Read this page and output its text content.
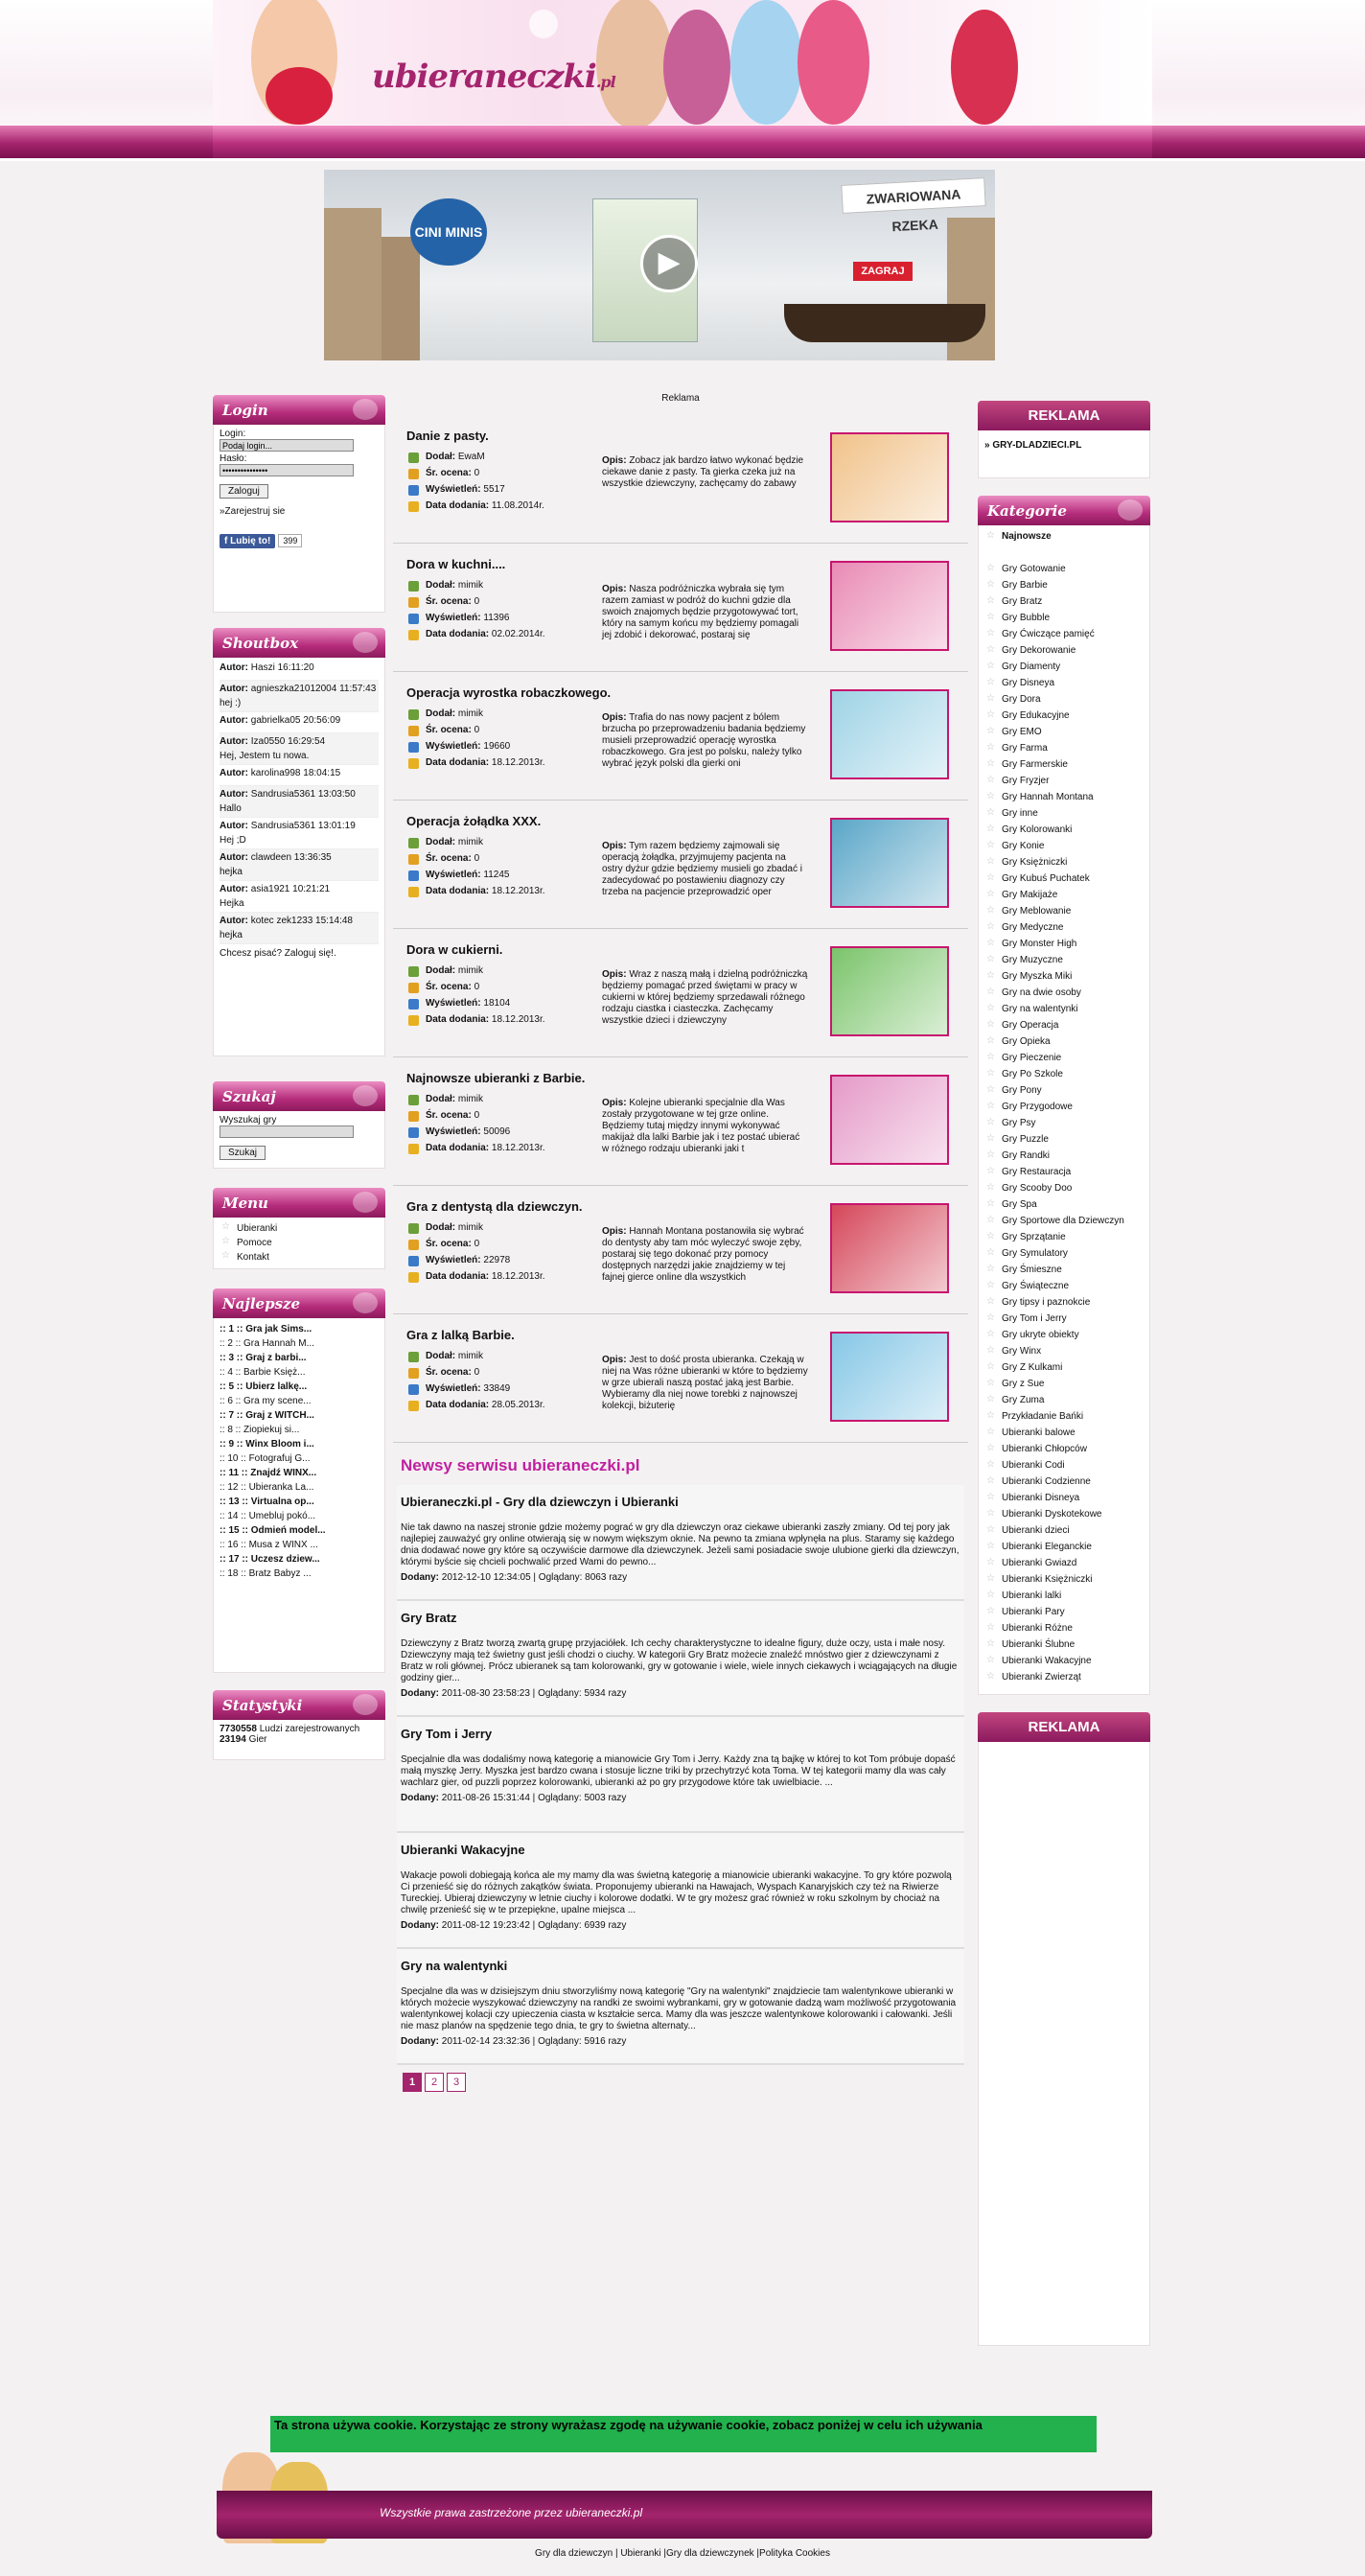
ubieraneczki.pl
CINI MINIS
▶
ZWARIOWANA RZEKA
ZAGRAJ
Login
Login:
Podaj login...
Hasło:
Zaloguj
»Zarejestruj sie
f Lubię to! 399
Shoutbox
Autor: Haszi 16:11:20
Autor: agnieszka21012004 11:57:43
hej :)
Autor: gabrielka05 20:56:09
Autor: Iza0550 16:29:54
Hej, Jestem tu nowa.
Autor: karolina998 18:04:15
Autor: Sandrusia5361 13:03:50
Hallo
Autor: Sandrusia5361 13:01:19
Hej ;D
Autor: clawdeen 13:36:35
hejka
Autor: asia1921 10:21:21
Hejka
Autor: kotec zek1233 15:14:48
hejka
Chcesz pisać? Zaloguj się!.
Szukaj
Wyszukaj gry
Szukaj
Menu
☆ Ubieranki
☆ Pomoce
☆ Kontakt
Najlepsze
:: 1 :: Gra jak Sims...
:: 2 :: Gra Hannah M...
:: 3 :: Graj z barbi...
:: 4 :: Barbie Księż...
:: 5 :: Ubierz lalkę...
:: 6 :: Gra my scene...
:: 7 :: Graj z WITCH...
:: 8 :: Ziopiekuj si...
:: 9 :: Winx Bloom i...
:: 10 :: Fotografuj G...
:: 11 :: Znajdź WINX...
:: 12 :: Ubieranka La...
:: 13 :: Virtualna op...
:: 14 :: Umebluj pokó...
:: 15 :: Odmień model...
:: 16 :: Musa z WINX ...
:: 17 :: Uczesz dziew...
:: 18 :: Bratz Babyz ...
Statystyki
7730558 Ludzi zarejestrowanych
23194 Gier
Reklama
Danie z pasty.
Dodał: EwaM
Śr. ocena: 0
Wyświetleń: 5517
Data dodania: 11.08.2014r.
Opis: Zobacz jak bardzo łatwo wykonać będzie ciekawe danie z pasty. Ta gierka czeka już na wszystkie dziewczyny, zachęcamy do zabawy
Dora w kuchni....
Dodał: mimik
Śr. ocena: 0
Wyświetleń: 11396
Data dodania: 02.02.2014r.
Opis: Nasza podróżniczka wybrała się tym razem zamiast w podróż do kuchni gdzie dla swoich znajomych będzie przygotowywać tort, który na samym końcu my będziemy pomagali jej zdobić i dekorować, postaraj się
Operacja wyrostka robaczkowego.
Dodał: mimik
Śr. ocena: 0
Wyświetleń: 19660
Data dodania: 18.12.2013r.
Opis: Trafia do nas nowy pacjent z bólem brzucha po przeprowadzeniu badania będziemy musieli przeprowadzić operację wyrostka robaczkowego. Gra jest po polsku, należy tylko wybrać język polski dla gierki oni
Operacja żołądka XXX.
Dodał: mimik
Śr. ocena: 0
Wyświetleń: 11245
Data dodania: 18.12.2013r.
Opis: Tym razem będziemy zajmowali się operacją żołądka, przyjmujemy pacjenta na ostry dyżur gdzie będziemy musieli go zbadać i zadecydować po postawieniu diagnozy czy trzeba na pacjencie przeprowadzić oper
Dora w cukierni.
Dodał: mimik
Śr. ocena: 0
Wyświetleń: 18104
Data dodania: 18.12.2013r.
Opis: Wraz z naszą małą i dzielną podróżniczką będziemy pomagać przed świętami w pracy w cukierni w której będziemy sprzedawali różnego rodzaju ciastka i ciasteczka. Zachęcamy wszystkie dzieci i dziewczyny
Najnowsze ubieranki z Barbie.
Dodał: mimik
Śr. ocena: 0
Wyświetleń: 50096
Data dodania: 18.12.2013r.
Opis: Kolejne ubieranki specjalnie dla Was zostały przygotowane w tej grze online. Będziemy tutaj między innymi wykonywać makijaż dla lalki Barbie jak i tez postać ubierać w różnego rodzaju ubieranki jaki t
Gra z dentystą dla dziewczyn.
Dodał: mimik
Śr. ocena: 0
Wyświetleń: 22978
Data dodania: 18.12.2013r.
Opis: Hannah Montana postanowiła się wybrać do dentysty aby tam móc wyleczyć swoje zęby, postaraj się tego dokonać przy pomocy dostępnych narzędzi jakie znajdziemy w tej fajnej gierce online dla wszystkich
Gra z lalką Barbie.
Dodał: mimik
Śr. ocena: 0
Wyświetleń: 33849
Data dodania: 28.05.2013r.
Opis: Jest to dość prosta ubieranka. Czekają w niej na Was różne ubieranki w które to będziemy w grze ubierali naszą postać jaką jest Barbie. Wybieramy dla niej nowe torebki z najnowszej kolekcji, biżuterię
Newsy serwisu ubieraneczki.pl
Ubieraneczki.pl - Gry dla dziewczyn i Ubieranki

Nie tak dawno na naszej stronie gdzie możemy pograć w gry dla dziewczyn oraz ciekawe ubieranki zaszły zmiany. Od tej pory jak najlepiej zauważyć gry online otwierają się w nowym większym oknie. Na pewno ta zmiana wpłynęła na plus. Staramy się każdego dnia dodawać nowe gry które są oczywiście darmowe dla dziewczynek. Jeżeli sami posiadacie swoje ulubione gierki dla dziewczyn, którymi byście się chcieli pochwalić przed Wami do pewno...

Dodany: 2012-12-10 12:34:05 | Oglądany: 8063 razy
Gry Bratz

Dziewczyny z Bratz tworzą zwartą grupę przyjaciółek. Ich cechy charakterystyczne to idealne figury, duże oczy, usta i małe nosy. Dziewczyny mają też świetny gust jeśli chodzi o ciuchy. W kategorii Gry Bratz możecie znaleźć mnóstwo gier z dziewczynami z Bratz w roli głównej. Prócz ubieranek są tam kolorowanki, gry w gotowanie i wiele, wiele innych ciekawych i wciągających na długie godziny gier...

Dodany: 2011-08-30 23:58:23 | Oglądany: 5934 razy
Gry Tom i Jerry

Specjalnie dla was dodaliśmy nową kategorię a mianowicie Gry Tom i Jerry. Każdy zna tą bajkę w której to kot Tom próbuje dopaść małą myszkę Jerry. Myszka jest bardzo cwana i stosuje liczne triki by przechytrzyć kota Toma. W tej kategorii mamy dla was cały wachlarz gier, od puzzli poprzez kolorowanki, ubieranki aż po gry przygodowe które tak uwielbiacie. ...

Dodany: 2011-08-26 15:31:44 | Oglądany: 5003 razy
Ubieranki Wakacyjne

Wakacje powoli dobiegają końca ale my mamy dla was świetną kategorię a mianowicie ubieranki wakacyjne. To gry które pozwolą Ci przenieść się do różnych zakątków świata. Proponujemy ubieranki na Hawajach, Wyspach Kanaryjskich czy też na Riwierze Tureckiej. Ubieraj dziewczyny w letnie ciuchy i kolorowe dodatki. W te gry możesz grać również w roku szkolnym by chociaż na chwilę przenieść się w te przepiękne, upalne miejsca ...

Dodany: 2011-08-12 19:23:42 | Oglądany: 6939 razy
Gry na walentynki

Specjalne dla was w dzisiejszym dniu stworzyliśmy nową kategorię "Gry na walentynki" znajdziecie tam walentynkowe ubieranki w których możecie wyszykować dziewczyny na randki ze swoimi wybrankami, gry w gotowanie dadzą wam możliwość przygotowania walentynkowej kolacji czy upieczenia ciasta w kształcie serca. Mamy dla was jeszcze walentynkowe kolorowanki i całowanki. Jeśli nie masz planów na spędzenie tego dnia, te gry to świetna alternaty...

Dodany: 2011-02-14 23:32:36 | Oglądany: 5916 razy
1 2 3
REKLAMA
» GRY-DLADZIECI.PL
Kategorie
☆ Najnowsze
☆ Gry Gotowanie
☆ Gry Barbie
☆ Gry Bratz
☆ Gry Bubble
☆ Gry Ćwiczące pamięć
☆ Gry Dekorowanie
☆ Gry Diamenty
☆ Gry Disneya
☆ Gry Dora
☆ Gry Edukacyjne
☆ Gry EMO
☆ Gry Farma
☆ Gry Farmerskie
☆ Gry Fryzjer
☆ Gry Hannah Montana
☆ Gry inne
☆ Gry Kolorowanki
☆ Gry Konie
☆ Gry Księżniczki
☆ Gry Kubuś Puchatek
☆ Gry Makijaże
☆ Gry Meblowanie
☆ Gry Medyczne
☆ Gry Monster High
☆ Gry Muzyczne
☆ Gry Myszka Miki
☆ Gry na dwie osoby
☆ Gry na walentynki
☆ Gry Operacja
☆ Gry Opieka
☆ Gry Pieczenie
☆ Gry Po Szkole
☆ Gry Pony
☆ Gry Przygodowe
☆ Gry Psy
☆ Gry Puzzle
☆ Gry Randki
☆ Gry Restauracja
☆ Gry Scooby Doo
☆ Gry Spa
☆ Gry Sportowe dla Dziewczyn
☆ Gry Sprzątanie
☆ Gry Symulatory
☆ Gry Śmieszne
☆ Gry Świąteczne
☆ Gry tipsy i paznokcie
☆ Gry Tom i Jerry
☆ Gry ukryte obiekty
☆ Gry Winx
☆ Gry Z Kulkami
☆ Gry z Sue
☆ Gry Zuma
☆ Przykładanie Bańki
☆ Ubieranki balowe
☆ Ubieranki Chłopców
☆ Ubieranki Codi
☆ Ubieranki Codzienne
☆ Ubieranki Disneya
☆ Ubieranki Dyskotekowe
☆ Ubieranki dzieci
☆ Ubieranki Eleganckie
☆ Ubieranki Gwiazd
☆ Ubieranki Księżniczki
☆ Ubieranki lalki
☆ Ubieranki Pary
☆ Ubieranki Różne
☆ Ubieranki Ślubne
☆ Ubieranki Wakacyjne
☆ Ubieranki Zwierząt
REKLAMA
Ta strona używa cookie. Korzystając ze strony wyrażasz zgodę na używanie cookie, zobacz poniżej w celu ich używania
Wszystkie prawa zastrzeżone przez ubieraneczki.pl
Gry dla dziewczyn | Ubieranki |Gry dla dziewczynek |Polityka Cookies
